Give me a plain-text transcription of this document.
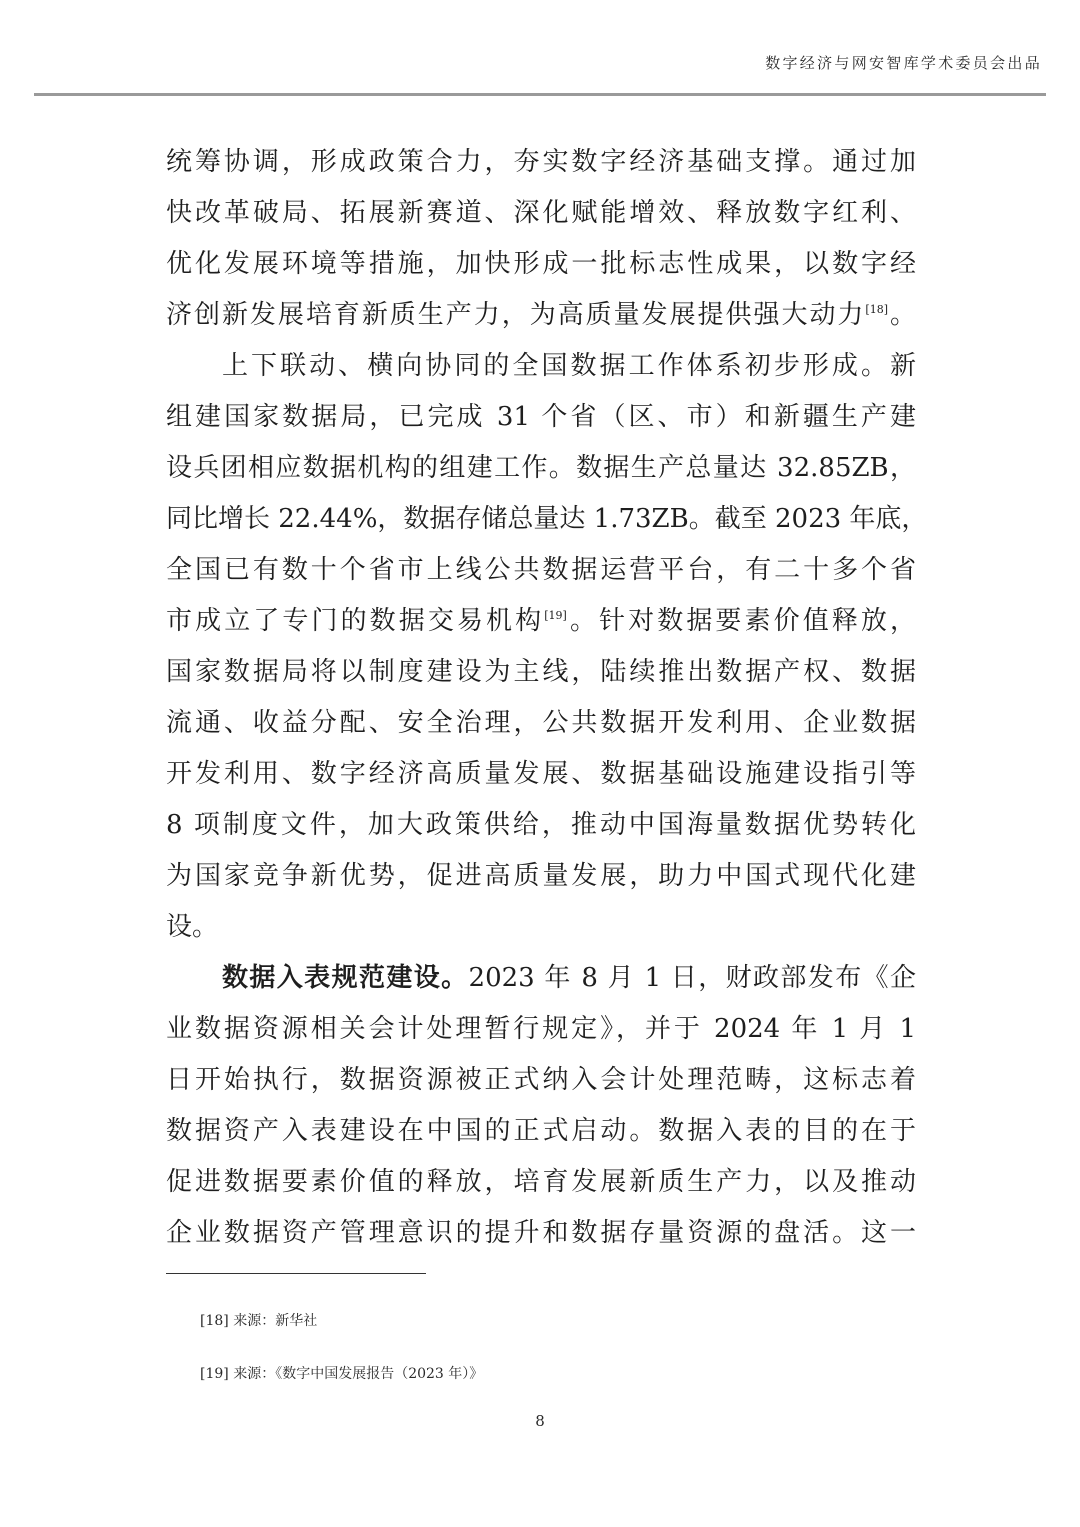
数字经济与网安智库学术委员会出品

统筹协调，形成政策合力，夯实数字经济基础支撑。通过加
快改革破局、拓展新赛道、深化赋能增效、释放数字红利、
优化发展环境等措施，加快形成一批标志性成果，以数字经
济创新发展培育新质生产力，为高质量发展提供强大动力[18]。

上下联动、横向协同的全国数据工作体系初步形成。新
组建国家数据局，已完成 31 个省（区、市）和新疆生产建
设兵团相应数据机构的组建工作。数据生产总量达 32.85ZB，
同比增长 22.44%，数据存储总量达 1.73ZB。截至 2023 年底，
全国已有数十个省市上线公共数据运营平台，有二十多个省
市成立了专门的数据交易机构[19]。针对数据要素价值释放，
国家数据局将以制度建设为主线，陆续推出数据产权、数据
流通、收益分配、安全治理，公共数据开发利用、企业数据
开发利用、数字经济高质量发展、数据基础设施建设指引等
8 项制度文件，加大政策供给，推动中国海量数据优势转化
为国家竞争新优势，促进高质量发展，助力中国式现代化建
设。

数据入表规范建设。2023 年 8 月 1 日，财政部发布《企
业数据资源相关会计处理暂行规定》，并于 2024 年 1 月 1
日开始执行，数据资源被正式纳入会计处理范畴，这标志着
数据资产入表建设在中国的正式启动。数据入表的目的在于
促进数据要素价值的释放，培育发展新质生产力，以及推动
企业数据资产管理意识的提升和数据存量资源的盘活。这一

[18] 来源：新华社
[19] 来源：《数字中国发展报告（2023 年）》
8
